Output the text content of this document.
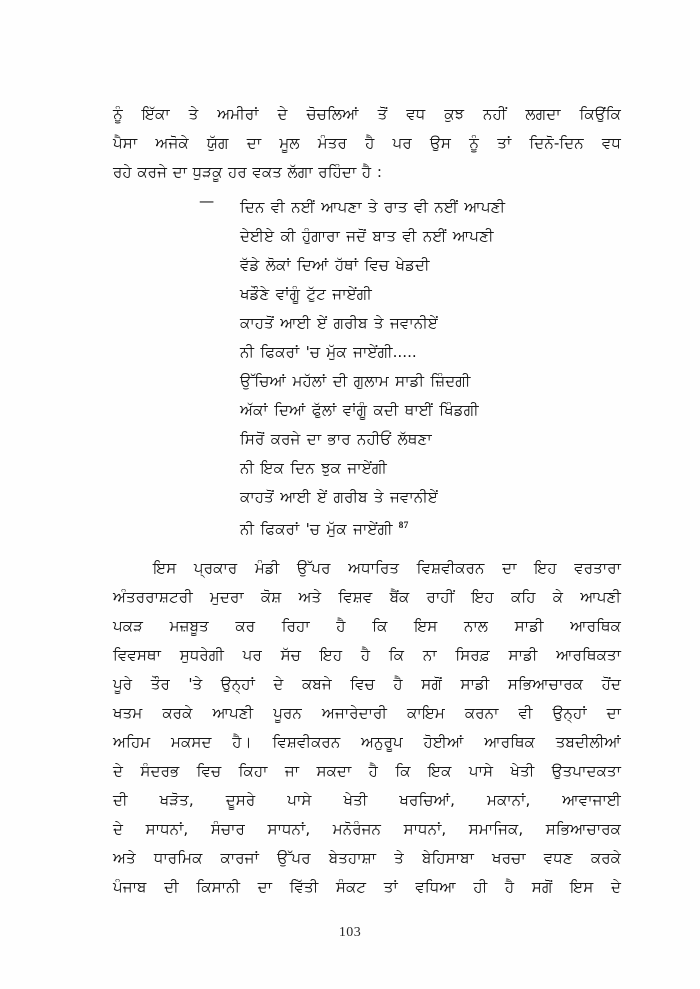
ਨੂੰ ਇੱਕਾ ਤੇ ਅਮੀਰਾਂ ਦੇ ਚੋਚਲਿਆਂ ਤੋਂ ਵਧ ਕੁਝ ਨਹੀਂ ਲਗਦਾ ਕਿਉਂਕਿ
ਪੈਸਾ ਅਜੋਕੇ ਯੁੱਗ ਦਾ ਮੂਲ ਮੰਤਰ ਹੈ ਪਰ ਉਸ ਨੂੰ ਤਾਂ ਦਿਨੋ-ਦਿਨ ਵਧ
ਰਹੇ ਕਰਜੇ ਦਾ ਧੁੜਕੂ ਹਰ ਵਕਤ ਲੱਗਾ ਰਹਿੰਦਾ ਹੈ :
—	ਦਿਨ ਵੀ ਨਈਂ ਆਪਣਾ ਤੇ ਰਾਤ ਵੀ ਨਈਂ ਆਪਣੀ
ਦੇਈਏ ਕੀ ਹੁੰਗਾਰਾ ਜਦੋਂ ਬਾਤ ਵੀ ਨਈਂ ਆਪਣੀ
ਵੱਡੇ ਲੋਕਾਂ ਦਿਆਂ ਹੱਥਾਂ ਵਿਚ ਖੇਡਦੀ
ਖਡੌਣੇ ਵਾਂਗੂੰ ਟੁੱਟ ਜਾਏਂਗੀ
ਕਾਹਤੋਂ ਆਈ ਏਂ ਗਰੀਬ ਤੇ ਜਵਾਨੀਏਂ
ਨੀ ਫਿਕਰਾਂ 'ਚ ਮੁੱਕ ਜਾਏਂਗੀ.....
ਉੱਚਿਆਂ ਮਹੱਲਾਂ ਦੀ ਗੁਲਾਮ ਸਾਡੀ ਜ਼ਿੰਦਗੀ
ਅੱਕਾਂ ਦਿਆਂ ਫੁੱਲਾਂ ਵਾਂਗੂੰ ਕਦੀ ਥਾਈਂ ਖਿੰਡਗੀ
ਸਿਰੋਂ ਕਰਜੇ ਦਾ ਭਾਰ ਨਹੀਓਂ ਲੱਥਣਾ
ਨੀ ਇਕ ਦਿਨ ਝੁਕ ਜਾਏਂਗੀ
ਕਾਹਤੋਂ ਆਈ ਏਂ ਗਰੀਬ ਤੇ ਜਵਾਨੀਏਂ
ਨੀ ਫਿਕਰਾਂ 'ਚ ਮੁੱਕ ਜਾਏਂਗੀ $^{87}$
ਇਸ ਪ੍ਰਕਾਰ ਮੰਡੀ ਉੱਪਰ ਅਧਾਰਿਤ ਵਿਸ਼ਵੀਕਰਨ ਦਾ ਇਹ ਵਰਤਾਰਾ
ਅੰਤਰਰਾਸ਼ਟਰੀ ਮੁਦਰਾ ਕੋਸ਼ ਅਤੇ ਵਿਸ਼ਵ ਬੈਂਕ ਰਾਹੀਂ ਇਹ ਕਹਿ ਕੇ ਆਪਣੀ
ਪਕੜ ਮਜ਼ਬੂਤ ਕਰ ਰਿਹਾ ਹੈ ਕਿ ਇਸ ਨਾਲ ਸਾਡੀ ਆਰਥਿਕ
ਵਿਵਸਥਾ ਸੁਧਰੇਗੀ ਪਰ ਸੱਚ ਇਹ ਹੈ ਕਿ ਨਾ ਸਿਰਫ਼ ਸਾਡੀ ਆਰਥਿਕਤਾ
ਪੂਰੇ ਤੌਰ 'ਤੇ ਉਨ੍ਹਾਂ ਦੇ ਕਬਜੇ ਵਿਚ ਹੈ ਸਗੋਂ ਸਾਡੀ ਸਭਿਆਚਾਰਕ ਹੋਂਦ
ਖਤਮ ਕਰਕੇ ਆਪਣੀ ਪੂਰਨ ਅਜਾਰੇਦਾਰੀ ਕਾਇਮ ਕਰਨਾ ਵੀ ਉਨ੍ਹਾਂ ਦਾ
ਅਹਿਮ ਮਕਸਦ ਹੈ। ਵਿਸ਼ਵੀਕਰਨ ਅਨੁਰੂਪ ਹੋਈਆਂ ਆਰਥਿਕ ਤਬਦੀਲੀਆਂ
ਦੇ ਸੰਦਰਭ ਵਿਚ ਕਿਹਾ ਜਾ ਸਕਦਾ ਹੈ ਕਿ ਇਕ ਪਾਸੇ ਖੇਤੀ ਉਤਪਾਦਕਤਾ
ਦੀ ਖੜੋਤ, ਦੂਸਰੇ ਪਾਸੇ ਖੇਤੀ ਖਰਚਿਆਂ, ਮਕਾਨਾਂ, ਆਵਾਜਾਈ
ਦੇ ਸਾਧਨਾਂ, ਸੰਚਾਰ ਸਾਧਨਾਂ, ਮਨੋਰੰਜਨ ਸਾਧਨਾਂ, ਸਮਾਜਿਕ, ਸਭਿਆਚਾਰਕ
ਅਤੇ ਧਾਰਮਿਕ ਕਾਰਜਾਂ ਉੱਪਰ ਬੇਤਹਾਸ਼ਾ ਤੇ ਬੇਹਿਸਾਬਾ ਖਰਚਾ ਵਧਣ ਕਰਕੇ
ਪੰਜਾਬ ਦੀ ਕਿਸਾਨੀ ਦਾ ਵਿੱਤੀ ਸੰਕਟ ਤਾਂ ਵਧਿਆ ਹੀ ਹੈ ਸਗੋਂ ਇਸ ਦੇ
103
